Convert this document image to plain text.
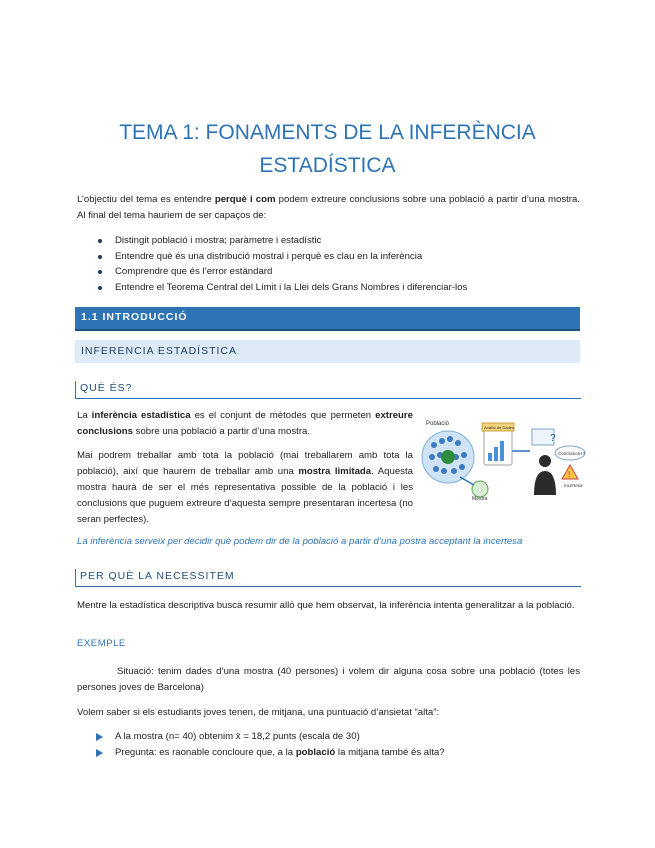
TEMA 1: FONAMENTS DE LA INFERÈNCIA ESTADÍSTICA

L’objectiu del tema es entendre perquè i com podem extreure conclusions sobre una població a partir d’una mostra. Al final del tema hauriem de ser capaços de:

Distingit població i mostra; paràmetre i estadístic
Entendre què és una distribució mostral i perquè es clau en la inferència
Comprendre que és l’error estàndard
Entendre el Teorema Central del Límit i la Llei dels Grans Nombres i diferenciar-los
1.1 INTRODUCCIÓ
INFERENCIA ESTADÍSTICA
QUÈ ÉS?

La inferència estadística es el conjunt de mètodes que permeten extreure conclusions sobre una població a partir d’una mostra.

Mai podrem treballar amb tota la població (mai treballarem amb tota la població), així que haurem de treballar amb una mostra limitada. Aquesta mostra haurà de ser el més representativa possible de la població i les conclusions que puguem extreure d’aquesta sempre presentaran incertesa (no seran perfectes).

Població
Mostra
Anàlisi de Dades
?
Conclusions?
!
Incertesa

La inferència serveix per decidir què podem dir de la població a partir d’una postra acceptant la incertesa

PER QUÈ LA NECESSITEM

Mentre la estadística descriptiva busca resumir allò que hem observat, la inferència intenta generalitzar a la població.

EXEMPLE

Situació: tenim dades d’una mostra (40 persones) i volem dir alguna cosa sobre una població (totes les persones joves de Barcelona)

Volem saber si els estudiants joves tenen, de mitjana, una puntuació d’ansietat “alta”:

A la mostra (n= 40) obtenim x̄ = 18,2 punts (escala de 30)
Pregunta: es raonable concloure que, a la població la mitjana també és alta?
